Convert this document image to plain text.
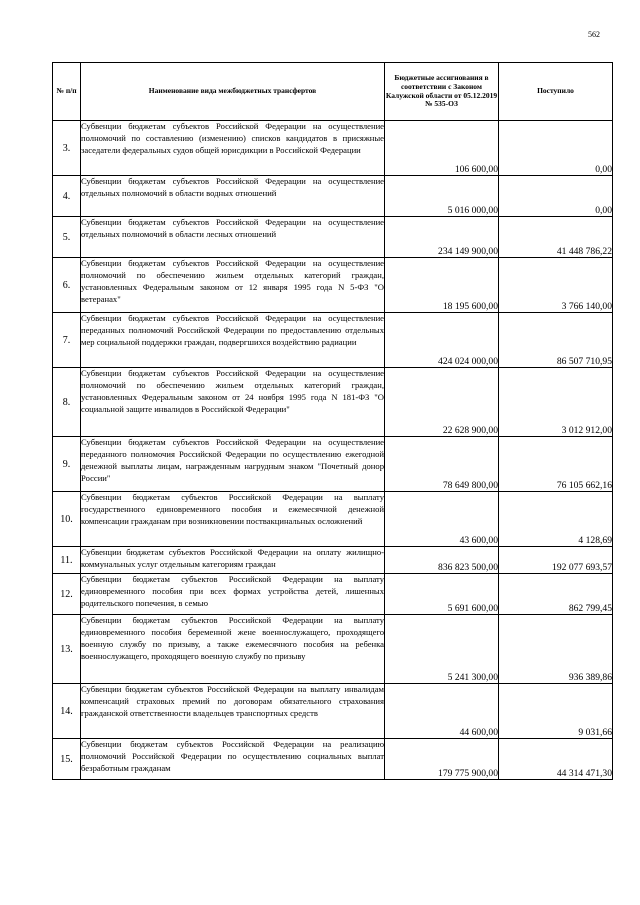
562
№ п/п	Наименование вида межбюджетных трансфертов	Бюджетные ассигнования в соответствии с Законом Калужской области от 05.12.2019 № 535-ОЗ	Поступило
3.	Субвенции бюджетам субъектов Российской Федерации на осуществление полномочий по составлению (изменению) списков кандидатов в присяжные заседатели федеральных судов общей юрисдикции в Российской Федерации	106 600,00	0,00
4.	Субвенции бюджетам субъектов Российской Федерации на осуществление отдельных полномочий в области водных отношений	5 016 000,00	0,00
5.	Субвенции бюджетам субъектов Российской Федерации на осуществление отдельных полномочий в области лесных отношений	234 149 900,00	41 448 786,22
6.	Субвенции бюджетам субъектов Российской Федерации на осуществление полномочий по обеспечению жильем отдельных категорий граждан, установленных Федеральным законом от 12 января 1995 года N 5-ФЗ "О ветеранах"	18 195 600,00	3 766 140,00
7.	Субвенции бюджетам субъектов Российской Федерации на осуществление переданных полномочий Российской Федерации по предоставлению отдельных мер социальной поддержки граждан, подвергшихся воздействию радиации	424 024 000,00	86 507 710,95
8.	Субвенции бюджетам субъектов Российской Федерации на осуществление полномочий по обеспечению жильем отдельных категорий граждан, установленных Федеральным законом от 24 ноября 1995 года N 181-ФЗ "О социальной защите инвалидов в Российской Федерации"	22 628 900,00	3 012 912,00
9.	Субвенции бюджетам субъектов Российской Федерации на осуществление переданного полномочия Российской Федерации по осуществлению ежегодной денежной выплаты лицам, награжденным нагрудным знаком "Почетный донор России"	78 649 800,00	76 105 662,16
10.	Субвенции бюджетам субъектов Российской Федерации на выплату государственного единовременного пособия и ежемесячной денежной компенсации гражданам при возникновении поствакцинальных осложнений	43 600,00	4 128,69
11.	Субвенции бюджетам субъектов Российской Федерации на оплату жилищно-коммунальных услуг отдельным категориям граждан	836 823 500,00	192 077 693,57
12.	Субвенции бюджетам субъектов Российской Федерации на выплату единовременного пособия при всех формах устройства детей, лишенных родительского попечения, в семью	5 691 600,00	862 799,45
13.	Субвенции бюджетам субъектов Российской Федерации на выплату единовременного пособия беременной жене военнослужащего, проходящего военную службу по призыву, а также ежемесячного пособия на ребенка военнослужащего, проходящего военную службу по призыву	5 241 300,00	936 389,86
14.	Субвенции бюджетам субъектов Российской Федерации на выплату инвалидам компенсаций страховых премий по договорам обязательного страхования гражданской ответственности владельцев транспортных средств	44 600,00	9 031,66
15.	Субвенции бюджетам субъектов Российской Федерации на реализацию полномочий Российской Федерации по осуществлению социальных выплат безработным гражданам	179 775 900,00	44 314 471,30
